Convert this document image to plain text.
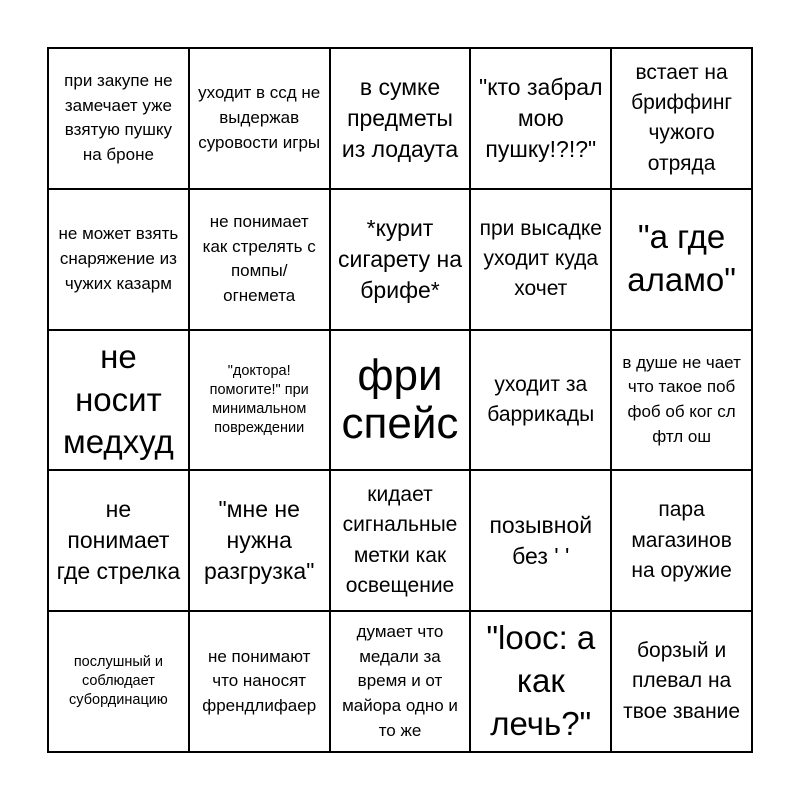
при закупе не замечает уже взятую пушку на броне
уходит в ссд не выдержав суровости игры
в сумке предметы из лодаута
"кто забрал мою пушку!?!?"
встает на бриффинг чужого отряда
не может взять снаряжение из чужих казарм
не понимает как стрелять с помпы/ огнемета
*курит сигарету на брифе*
при высадке уходит куда хочет
"а где аламо"
не носит медхуд
"доктора! помогите!" при минимальном повреждении
фри спейс
уходит за баррикады
в душе не чает что такое поб фоб об ког сл фтл ош
не понимает где стрелка
"мне не нужна разгрузка"
кидает сигнальные метки как освещение
позывной без ' '
пара магазинов на оружие
послушный и соблюдает субординацию
не понимают что наносят френдлифаер
думает что медали за время и от майора одно и то же
"looc: а как лечь?"
борзый и плевал на твое звание
